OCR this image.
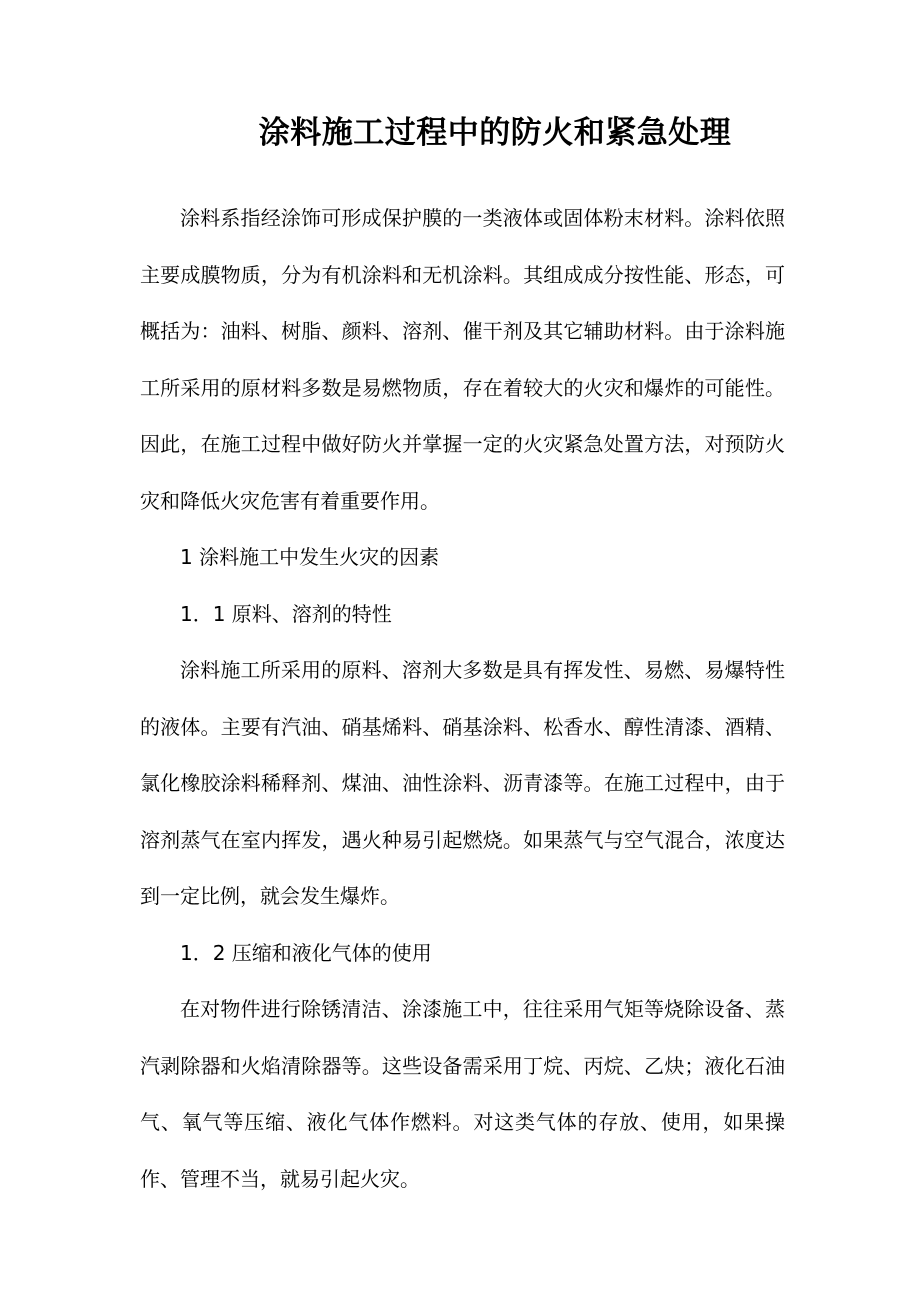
涂料施工过程中的防火和紧急处理

涂料系指经涂饰可形成保护膜的一类液体或固体粉末材料。涂料依照主要成膜物质，分为有机涂料和无机涂料。其组成成分按性能、形态，可概括为：油料、树脂、颜料、溶剂、催干剂及其它辅助材料。由于涂料施工所采用的原材料多数是易燃物质，存在着较大的火灾和爆炸的可能性。因此，在施工过程中做好防火并掌握一定的火灾紧急处置方法，对预防火灾和降低火灾危害有着重要作用。

1 涂料施工中发生火灾的因素

1．1 原料、溶剂的特性

涂料施工所采用的原料、溶剂大多数是具有挥发性、易燃、易爆特性的液体。主要有汽油、硝基烯料、硝基涂料、松香水、醇性清漆、酒精、氯化橡胶涂料稀释剂、煤油、油性涂料、沥青漆等。在施工过程中，由于溶剂蒸气在室内挥发，遇火种易引起燃烧。如果蒸气与空气混合，浓度达到一定比例，就会发生爆炸。

1．2 压缩和液化气体的使用

在对物件进行除锈清洁、涂漆施工中，往往采用气矩等烧除设备、蒸汽剥除器和火焰清除器等。这些设备需采用丁烷、丙烷、乙炔；液化石油气、氧气等压缩、液化气体作燃料。对这类气体的存放、使用，如果操作、管理不当，就易引起火灾。
